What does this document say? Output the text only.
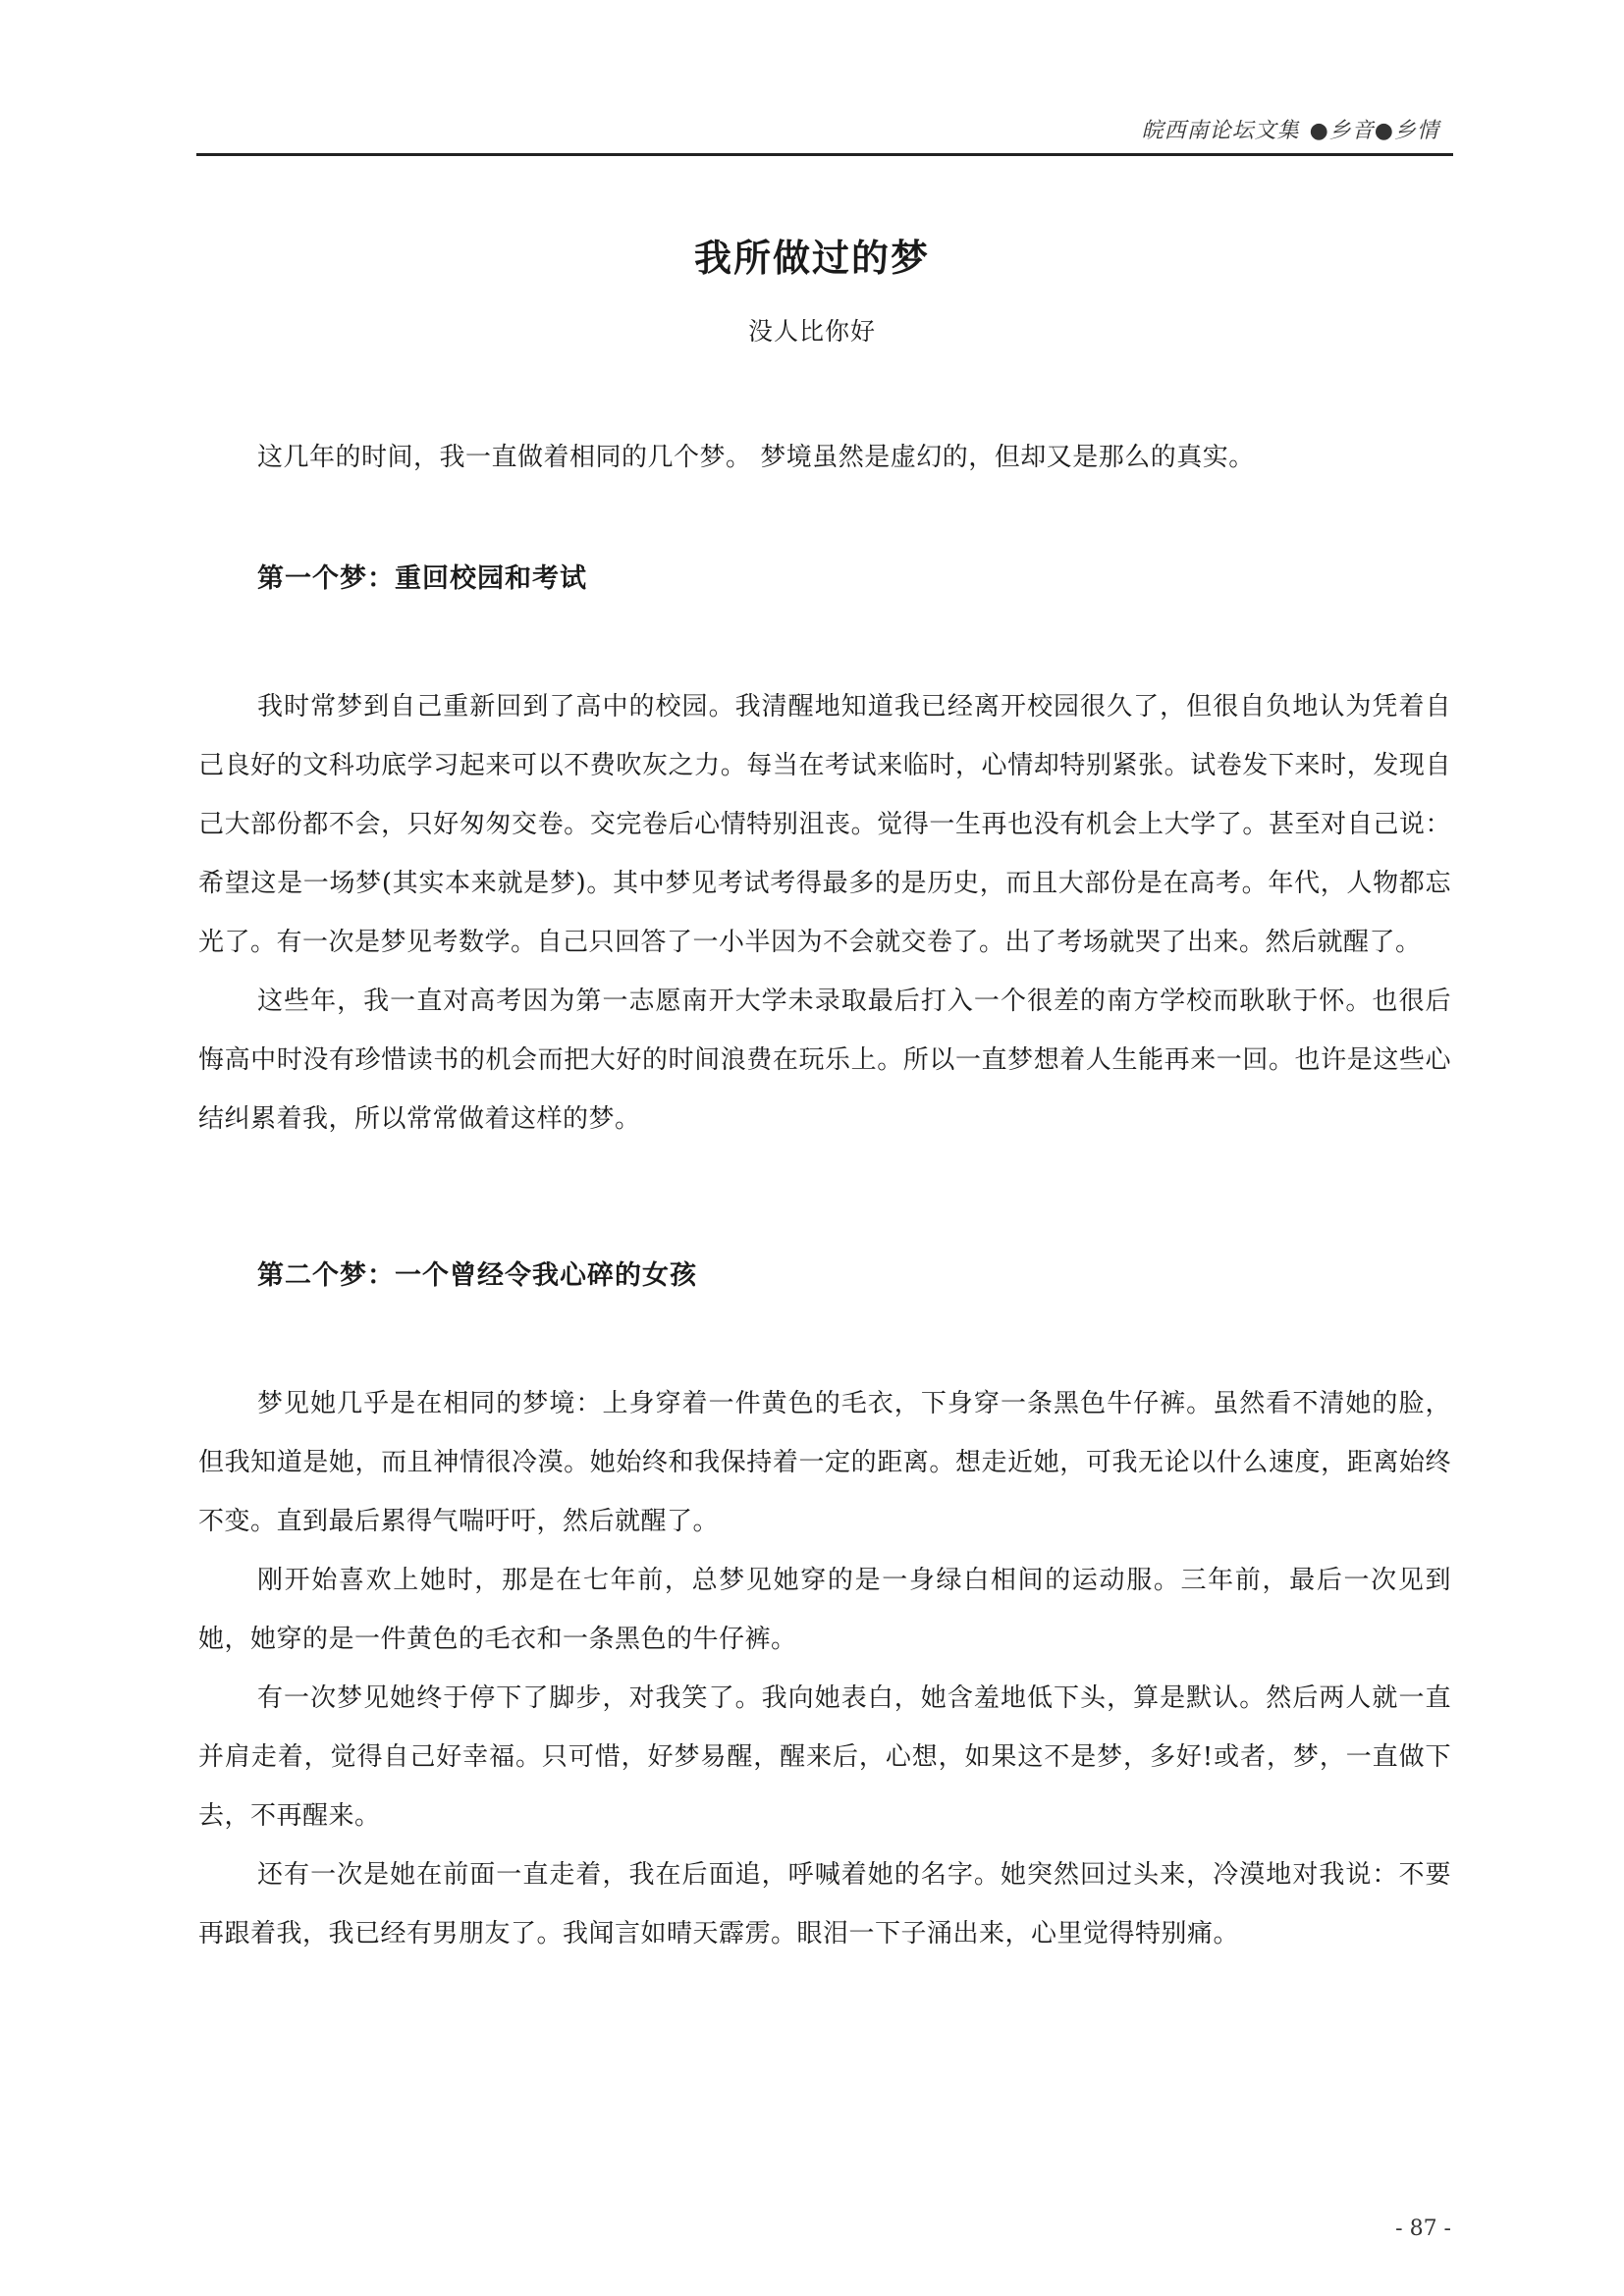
皖西南论坛文集 ●乡音●乡情
我所做过的梦

没人比你好

这几年的时间，我一直做着相同的几个梦。 梦境虽然是虚幻的，但却又是那么的真实。

第一个梦：重回校园和考试

我时常梦到自己重新回到了高中的校园。我清醒地知道我已经离开校园很久了，但很自负地认为凭着自己良好的文科功底学习起来可以不费吹灰之力。每当在考试来临时，心情却特别紧张。试卷发下来时，发现自己大部份都不会，只好匆匆交卷。交完卷后心情特别沮丧。觉得一生再也没有机会上大学了。甚至对自己说：希望这是一场梦(其实本来就是梦)。其中梦见考试考得最多的是历史，而且大部份是在高考。年代，人物都忘光了。有一次是梦见考数学。自己只回答了一小半因为不会就交卷了。出了考场就哭了出来。然后就醒了。

这些年，我一直对高考因为第一志愿南开大学未录取最后打入一个很差的南方学校而耿耿于怀。也很后悔高中时没有珍惜读书的机会而把大好的时间浪费在玩乐上。所以一直梦想着人生能再来一回。也许是这些心结纠累着我，所以常常做着这样的梦。

第二个梦：一个曾经令我心碎的女孩

梦见她几乎是在相同的梦境：上身穿着一件黄色的毛衣，下身穿一条黑色牛仔裤。虽然看不清她的脸，但我知道是她，而且神情很冷漠。她始终和我保持着一定的距离。想走近她，可我无论以什么速度，距离始终不变。直到最后累得气喘吁吁，然后就醒了。

刚开始喜欢上她时，那是在七年前，总梦见她穿的是一身绿白相间的运动服。三年前，最后一次见到她，她穿的是一件黄色的毛衣和一条黑色的牛仔裤。

有一次梦见她终于停下了脚步，对我笑了。我向她表白，她含羞地低下头，算是默认。然后两人就一直并肩走着，觉得自己好幸福。只可惜，好梦易醒，醒来后，心想，如果这不是梦，多好!或者，梦，一直做下去，不再醒来。

还有一次是她在前面一直走着，我在后面追，呼喊着她的名字。她突然回过头来，冷漠地对我说：不要再跟着我，我已经有男朋友了。我闻言如晴天霹雳。眼泪一下子涌出来，心里觉得特别痛。

- 87 -
